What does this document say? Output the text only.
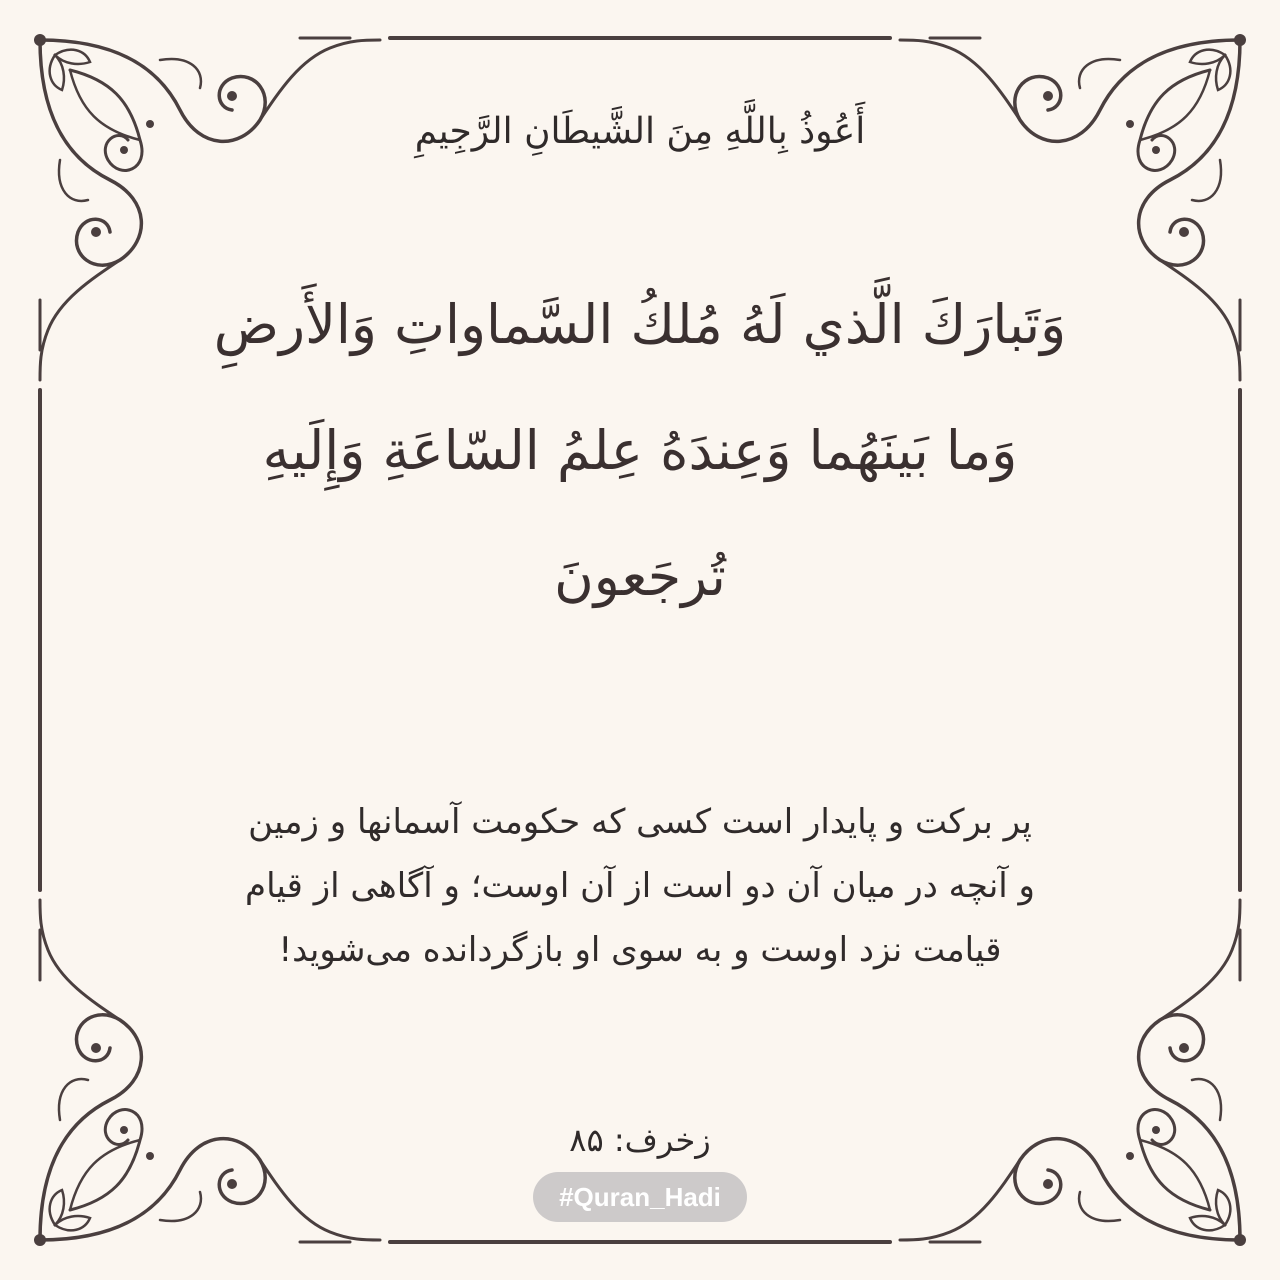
أَعُوذُ بِاللَّهِ مِنَ الشَّيطَانِ الرَّجِيمِ
وَتَبارَكَ الَّذي لَهُ مُلكُ السَّماواتِ وَالأَرضِ
وَما بَينَهُما وَعِندَهُ عِلمُ السّاعَةِ وَإِلَيهِ
تُرجَعونَ
پر برکت و پایدار است کسی که حکومت آسمانها و زمین
و آنچه در میان آن دو است از آن اوست؛ و آگاهی از قیام
قیامت نزد اوست و به سوی او بازگردانده می‌شوید!
زخرف: ۸۵
#Quran_Hadi
